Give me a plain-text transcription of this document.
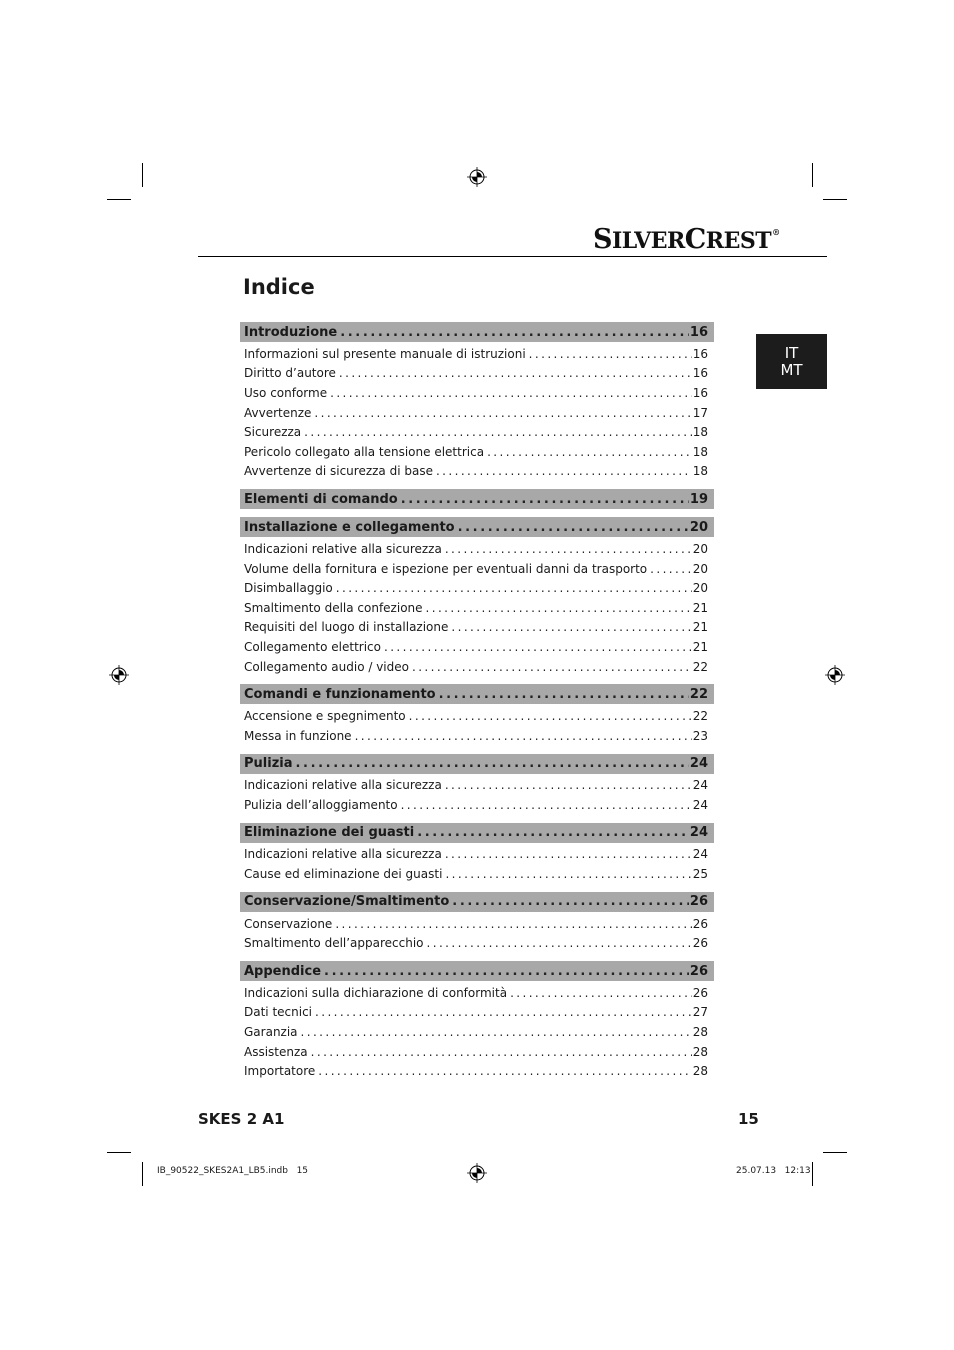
SILVERCREST®
Indice
IT
MT
Introduzione .....	16
Informazioni sul presente manuale di istruzioni .....	16
Diritto d’autore .....	16
Uso conforme .....	16
Avvertenze .....	17
Sicurezza .....	18
Pericolo collegato alla tensione elettrica .....	18
Avvertenze di sicurezza di base .....	18
Elementi di comando .....	19
Installazione e collegamento .....	20
Indicazioni relative alla sicurezza .....	20
Volume della fornitura e ispezione per eventuali danni da trasporto .....	20
Disimballaggio .....	20
Smaltimento della confezione .....	21
Requisiti del luogo di installazione .....	21
Collegamento elettrico .....	21
Collegamento audio / video .....	22
Comandi e funzionamento .....	22
Accensione e spegnimento .....	22
Messa in funzione .....	23
Pulizia .....	24
Indicazioni relative alla sicurezza .....	24
Pulizia dell’alloggiamento .....	24
Eliminazione dei guasti .....	24
Indicazioni relative alla sicurezza .....	24
Cause ed eliminazione dei guasti .....	25
Conservazione/Smaltimento .....	26
Conservazione .....	26
Smaltimento dell’apparecchio .....	26
Appendice .....	26
Indicazioni sulla dichiarazione di conformità .....	26
Dati tecnici .....	27
Garanzia .....	28
Assistenza .....	28
Importatore .....	28
SKES 2 A1	15
IB_90522_SKES2A1_LB5.indb   15	25.07.13   12:13
